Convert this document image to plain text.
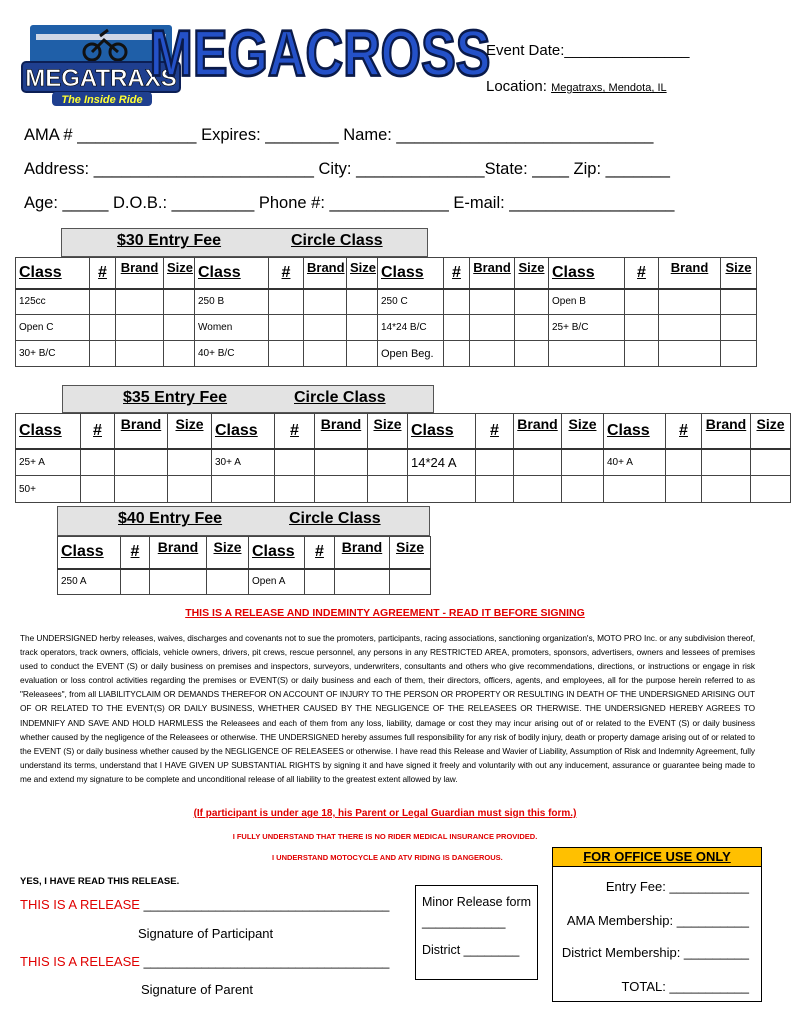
MEGATRAXS
The Inside Ride
MEGACROSS
Event Date:_______________
Location: Megatraxs, Mendota, IL
AMA # _____________ Expires: ________ Name: ____________________________
Address: ________________________ City: ______________State: ____ Zip: _______
Age: _____ D.O.B.: _________ Phone #: _____________ E-mail: __________________
$30 Entry Fee	Circle Class
Class	#	Brand	Size	Class	#	Brand	Size	Class	#	Brand	Size	Class	#	Brand	Size
125cc				250 B				250 C				Open B			
Open C				Women				14*24 B/C				25+ B/C			
30+ B/C				40+ B/C				Open Beg.							
$35 Entry Fee	Circle Class
Class	#	Brand	Size	Class	#	Brand	Size	Class	#	Brand	Size	Class	#	Brand	Size
25+ A				30+ A				14*24 A				40+ A			
50+															
$40 Entry Fee	Circle Class
Class	#	Brand	Size	Class	#	Brand	Size
250 A				Open A			
THIS IS A RELEASE AND INDEMINTY AGREEMENT - READ IT BEFORE SIGNING
The UNDERSIGNED herby releases, waives, discharges and covenants not to sue the promoters, participants, racing associations, sanctioning organization's, MOTO PRO Inc. or any subdivision thereof, track operators, track owners, officials, vehicle owners, drivers, pit crews, rescue personnel, any persons in any RESTRICTED AREA, promoters, sponsors, advertisers, owners and lessees of premises used to conduct the EVENT (S) or daily business on premises and inspectors, surveyors, underwriters, consultants and others who give recommendations, directions, or instructions or engage in risk evaluation or loss control activities regarding the premises or EVENT(S) or daily business and each of them, their directors, officers, agents, and employees, all for the purpose herein referred to as "Releasees", from all LIABILITYCLAIM OR DEMANDS THEREFOR ON ACCOUNT OF INJURY TO THE PERSON OR PROPERTY OR RESULTING IN DEATH OF THE UNDERSIGNED ARISING OUT OF OR RELATED TO THE EVENT(S) OR DAILY BUSINESS, WHETHER CAUSED BY THE NEGLIGENCE OF THE RELEASEES OR THERWISE. THE UNDERSIGNED HEREBY AGREES TO INDEMNIFY AND SAVE AND HOLD HARMLESS the Releasees and each of them from any loss, liability, damage or cost they may incur arising out of or related to the EVENT (S) or daily business whether caused by the negligence of the Releasees or otherwise. THE UNDERSIGNED hereby assumes full responsibility for any risk of bodily injury, death or property damage arising out of or related to the EVENT (S) or daily business whether caused by the NEGLIGENCE OF RELEASEES or otherwise. I have read this Release and Wavier of Liability, Assumption of Risk and Indemnity Agreement, fully understand its terms, understand that I HAVE GIVEN UP SUBSTANTIAL RIGHTS by signing it and have signed it freely and voluntarily with out any inducement, assurance or guarantee being made to me and extend my signature to be complete and unconditional release of all liability to the greatest extent allowed by law.
(If participant is under age 18, his Parent or Legal Guardian must sign this form.)
I FULLY UNDERSTAND THAT THERE IS NO RIDER MEDICAL INSURANCE PROVIDED.
I UNDERSTAND MOTOCYCLE AND ATV RIDING IS DANGEROUS.
YES, I HAVE READ THIS RELEASE.
THIS IS A RELEASE __________________________________
Signature of Participant
THIS IS A RELEASE __________________________________
Signature of Parent
Minor Release form
____________
District ________
FOR OFFICE USE ONLY
Entry Fee: ___________
AMA Membership: __________
District Membership: _________
TOTAL: ___________
